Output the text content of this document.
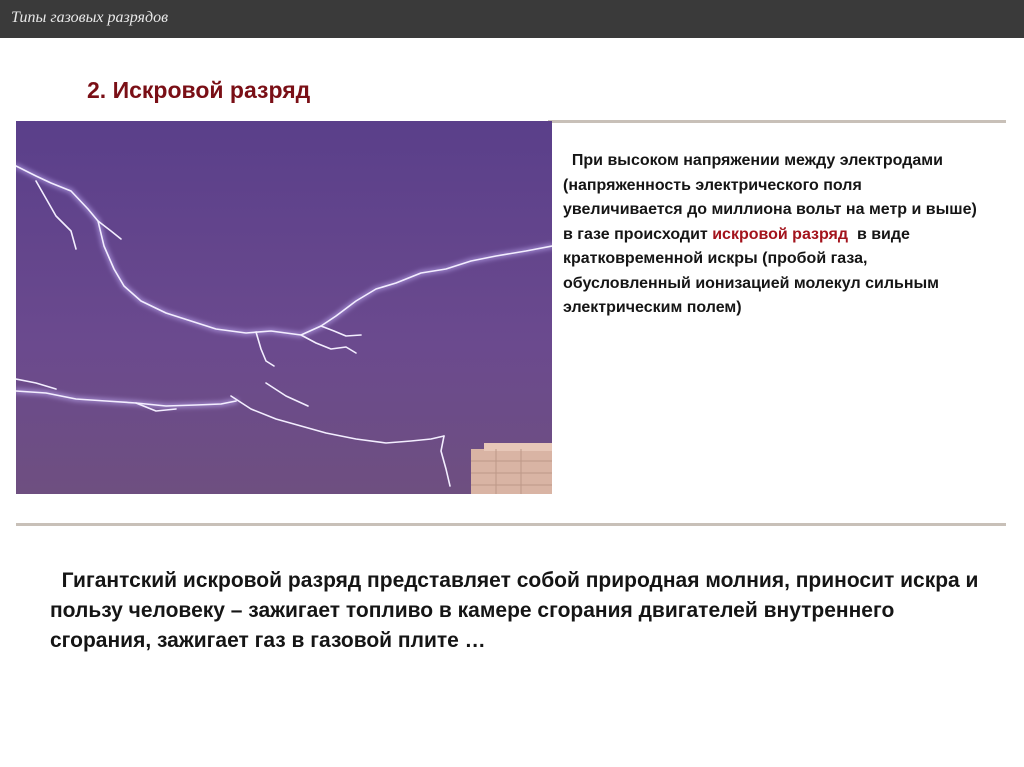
Типы газовых разрядов
2. Искровой разряд
При высоком напряжении между электродами (напряженность электрического поля увеличивается до миллиона вольт на метр и выше) в газе происходит искровой разряд в виде кратковременной искры (пробой газа, обусловленный ионизацией молекул сильным электрическим полем)
Гигантский искровой разряд представляет собой природная молния, приносит искра и пользу человеку – зажигает топливо в камере сгорания двигателей внутреннего сгорания, зажигает газ в газовой плите …
